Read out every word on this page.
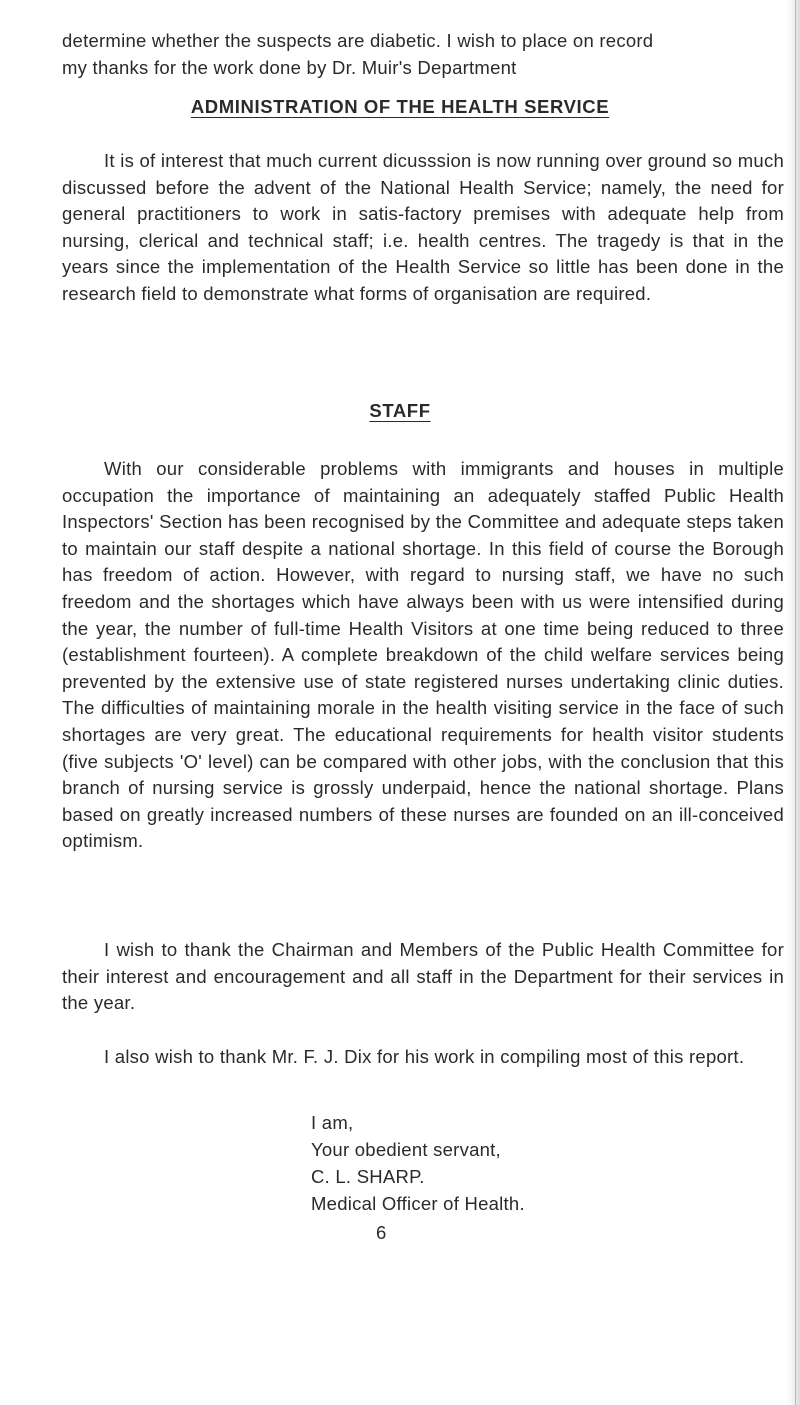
determine whether the suspects are diabetic. I wish to place on record
my thanks for the work done by Dr. Muir's Department

ADMINISTRATION OF THE HEALTH SERVICE

It is of interest that much current dicusssion is now running over ground so much discussed before the advent of the National Health Service; namely, the need for general practitioners to work in satis-factory premises with adequate help from nursing, clerical and technical staff; i.e. health centres. The tragedy is that in the years since the implementation of the Health Service so little has been done in the research field to demonstrate what forms of organisation are required.

STAFF

With our considerable problems with immigrants and houses in multiple occupation the importance of maintaining an adequately staffed Public Health Inspectors' Section has been recognised by the Committee and adequate steps taken to maintain our staff despite a national shortage. In this field of course the Borough has freedom of action. However, with regard to nursing staff, we have no such freedom and the shortages which have always been with us were intensified during the year, the number of full-time Health Visitors at one time being reduced to three (establishment fourteen). A complete breakdown of the child welfare services being prevented by the extensive use of state registered nurses undertaking clinic duties. The difficulties of maintaining morale in the health visiting service in the face of such shortages are very great. The educational requirements for health visitor students (five subjects 'O' level) can be compared with other jobs, with the conclusion that this branch of nursing service is grossly underpaid, hence the national shortage. Plans based on greatly increased numbers of these nurses are founded on an ill-conceived optimism.

I wish to thank the Chairman and Members of the Public Health Committee for their interest and encouragement and all staff in the Department for their services in the year.

I also wish to thank Mr. F. J. Dix for his work in compiling most of this report.

I am,

Your obedient servant,

C. L. SHARP.

Medical Officer of Health.

6
